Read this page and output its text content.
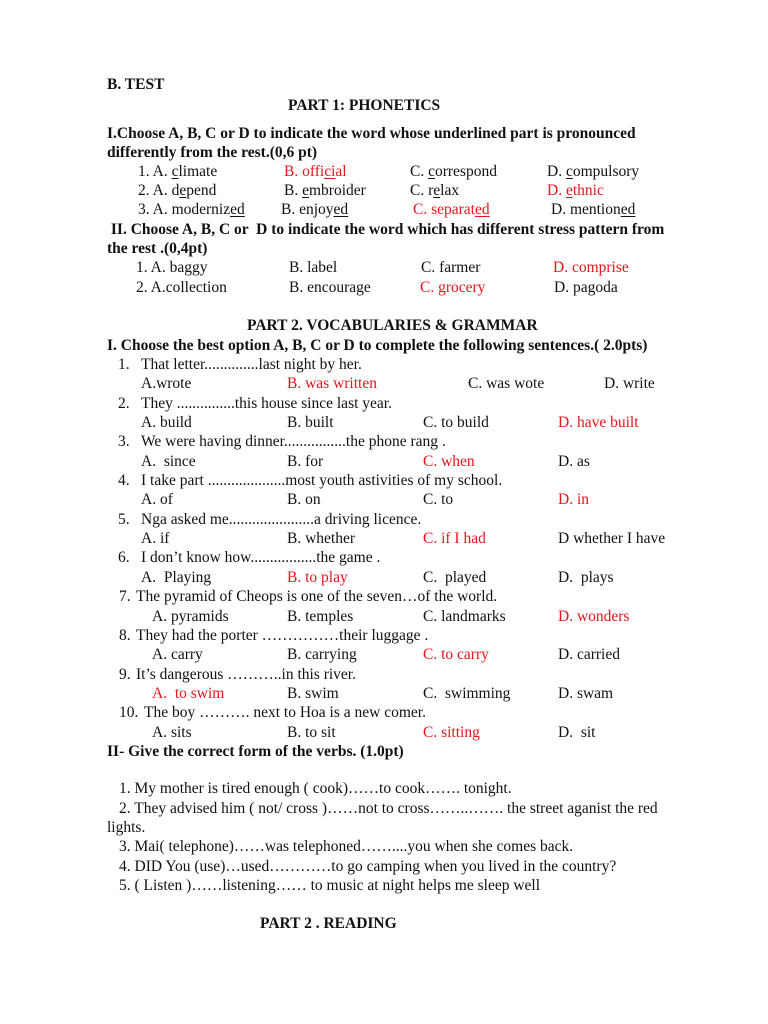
B. TEST
PART 1: PHONETICS
I.Choose A, B, C or D to indicate the word whose underlined part is pronounced
differently from the rest.(0,6 pt)
1. A. climate	B. official	C. correspond	D. compulsory
2. A. depend	B. embroider	C. relax	D. ethnic
3. A. modernized B. enjoyed	C. separated	D. mentioned
II. Choose A, B, C or  D to indicate the word which has different stress pattern from
the rest .(0,4pt)
1. A. baggy	B. label	C. farmer	D. comprise
2. A.collection	B. encourage	C. grocery	D. pagoda
PART 2. VOCABULARIES & GRAMMAR
I. Choose the best option A, B, C or D to complete the following sentences.( 2.0pts)
1. That letter..............last night by her.
A.wrote	B. was written	C. was wote	D. write
2. They ...............this house since last year.
A. build	B. built	C. to build	D. have built
3. We were having dinner................the phone rang .
A.  since	B. for	C. when	D. as
4. I take part ....................most youth astivities of my school.
A. of	B. on	C. to	D. in
5. Nga asked me......................a driving licence.
A. if	B. whether	C. if I had	D whether I have
6. I don’t know how.................the game .
A.  Playing	B. to play	C.  played	D.  plays
7. The pyramid of Cheops is one of the seven…of the world.
A. pyramids	B. temples	C. landmarks	D. wonders
8. They had the porter ……………their luggage .
A. carry	B. carrying	C. to carry	D. carried
9. It’s dangerous ………..in this river.
A.  to swim	B. swim	C.  swimming	D. swam
10. The boy ………. next to Hoa is a new comer.
A. sits	B. to sit	C. sitting	D.  sit
II- Give the correct form of the verbs. (1.0pt)
1. My mother is tired enough ( cook)……to cook……. tonight.
2. They advised him ( not/ cross )……not to cross……..……. the street aganist the red
lights.
3. Mai( telephone)……was telephoned……....you when she comes back.
4. DID You (use)…used…………to go camping when you lived in the country?
5. ( Listen )……listening…… to music at night helps me sleep well
PART 2 . READING
